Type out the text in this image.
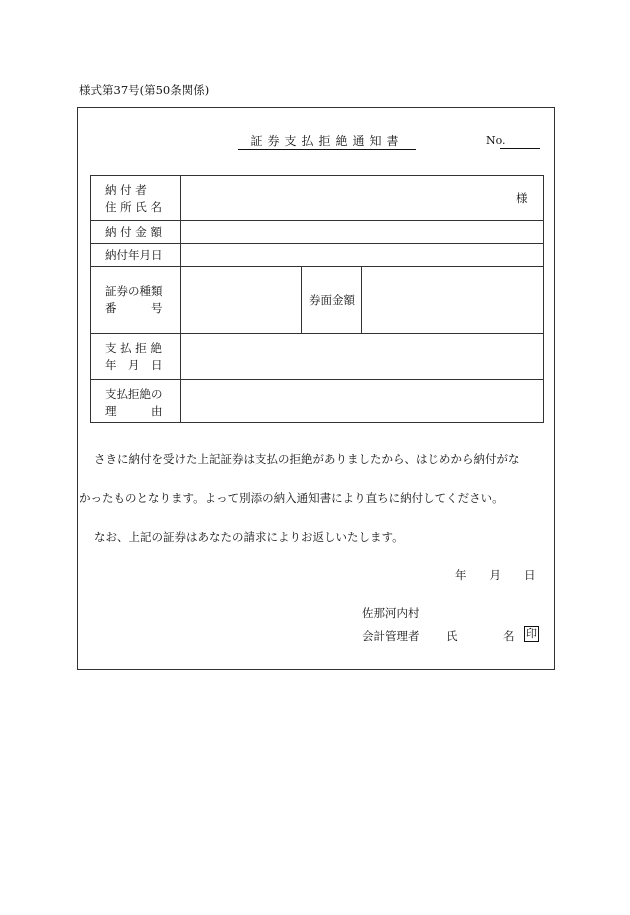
様式第37号(第50条関係)
証券支払拒絶通知書	No.
納 付 者
住 所 氏 名
様
納 付 金 額
納付年月日
証券の種類
番　　　号
券面金額
支 払 拒 絶
年　月　日
支払拒絶の
理　　　由
さきに納付を受けた上記証券は支払の拒絶がありましたから、はじめから納付がな
かったものとなります。よって別添の納入通知書により直ちに納付してください。
なお、上記の証券はあなたの請求によりお返しいたします。
年　　月　　日
佐那河内村
会計管理者 氏	名 印
